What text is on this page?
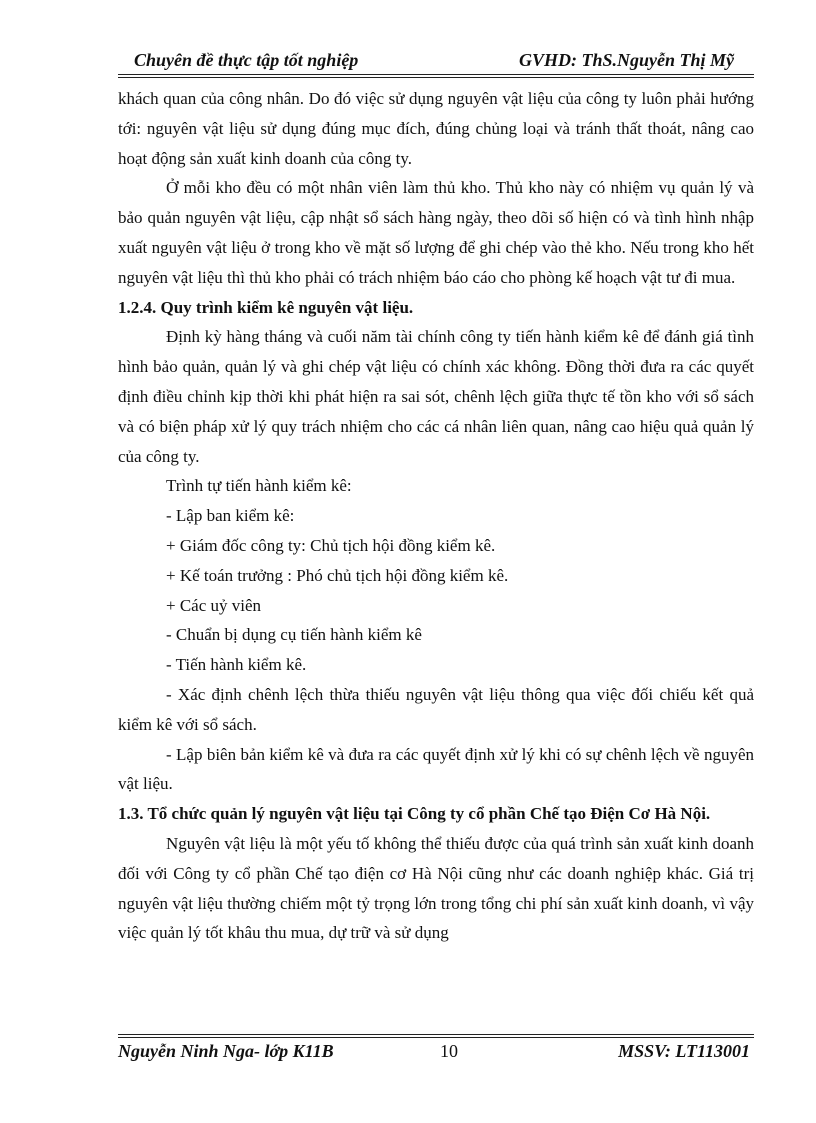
Chuyên đề thực tập tốt nghiệp	GVHD: ThS.Nguyễn Thị Mỹ

khách quan của công nhân. Do đó việc sử dụng nguyên vật liệu của công ty luôn phải hướng tới: nguyên vật liệu sử dụng đúng mục đích, đúng chủng loại và tránh thất thoát, nâng cao hoạt động sản xuất kinh doanh của công ty.

Ở mỗi kho đều có một nhân viên làm thủ kho. Thủ kho này có nhiệm vụ quản lý và bảo quản nguyên vật liệu, cập nhật sổ sách hàng ngày, theo dõi số hiện có và tình hình nhập xuất nguyên vật liệu ở trong kho về mặt số lượng để ghi chép vào thẻ kho. Nếu trong kho hết nguyên vật liệu thì thủ kho phải có trách nhiệm báo cáo cho phòng kế hoạch vật tư đi mua.

1.2.4. Quy trình kiểm kê nguyên vật liệu.

Định kỳ hàng tháng và cuối năm tài chính công ty tiến hành kiểm kê để đánh giá tình hình bảo quản, quản lý và ghi chép vật liệu có chính xác không. Đồng thời đưa ra các quyết định điều chỉnh kịp thời khi phát hiện ra sai sót, chênh lệch giữa thực tế tồn kho với sổ sách và có biện pháp xử lý quy trách nhiệm cho các cá nhân liên quan, nâng cao hiệu quả quản lý của công ty.

Trình tự tiến hành kiểm kê:

- Lập ban kiểm kê:

+ Giám đốc công ty: Chủ tịch hội đồng kiểm kê.

+ Kế toán trưởng : Phó chủ tịch hội đồng kiểm kê.

+ Các uỷ viên

- Chuẩn bị dụng cụ tiến hành kiểm kê

- Tiến hành kiểm kê.

- Xác định chênh lệch thừa thiếu nguyên vật liệu thông qua việc đối chiếu kết quả kiểm kê với sổ sách.

- Lập biên bản kiểm kê và đưa ra các quyết định xử lý khi có sự chênh lệch về nguyên vật liệu.

1.3. Tổ chức quản lý nguyên vật liệu tại Công ty cổ phần Chế tạo Điện Cơ Hà Nội.

Nguyên vật liệu là một yếu tố không thể thiếu được của quá trình sản xuất kinh doanh đối với Công ty cổ phần Chế tạo điện cơ Hà Nội cũng như các doanh nghiệp khác. Giá trị nguyên vật liệu thường chiếm một tỷ trọng lớn trong tổng chi phí sản xuất kinh doanh, vì vậy việc quản lý tốt khâu thu mua, dự trữ và sử dụng

Nguyễn Ninh Nga- lớp K11B	10	MSSV: LT113001
